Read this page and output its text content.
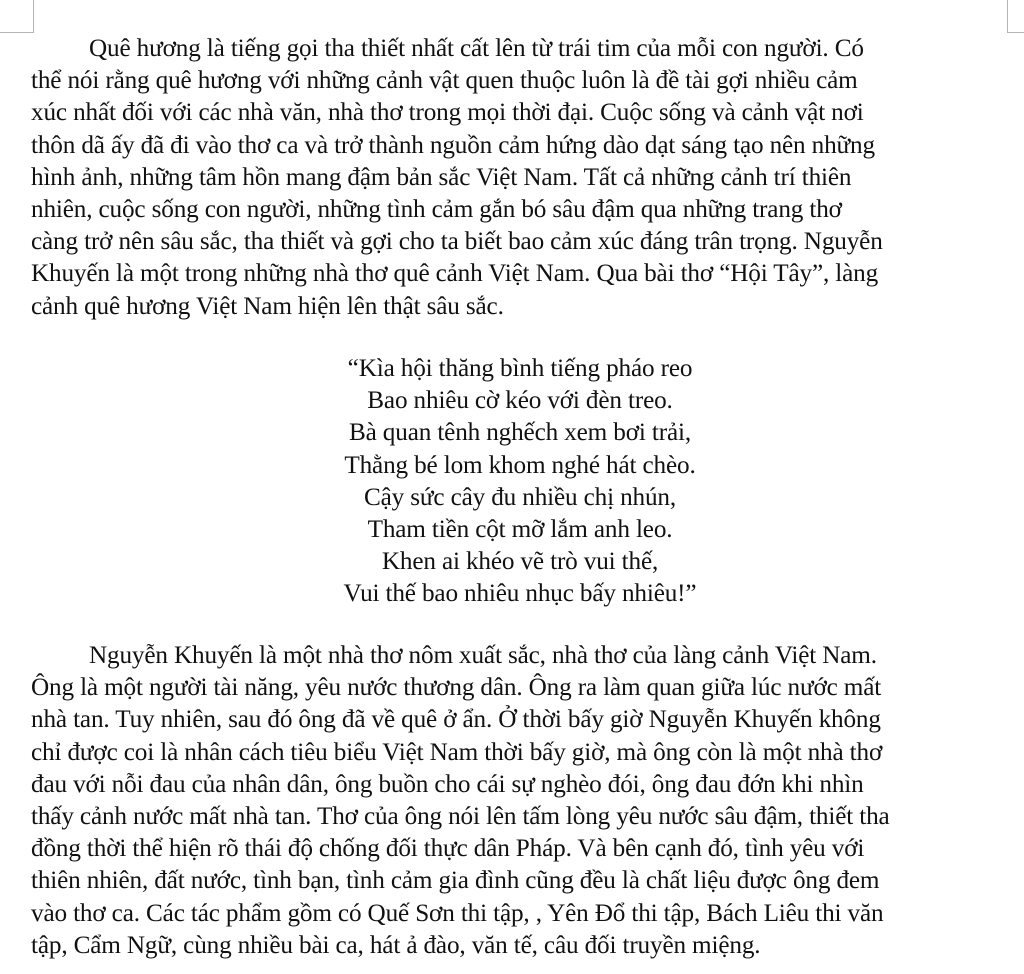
Quê hương là tiếng gọi tha thiết nhất cất lên từ trái tim của mỗi con người. Có
thể nói rằng quê hương với những cảnh vật quen thuộc luôn là đề tài gợi nhiều cảm
xúc nhất đối với các nhà văn, nhà thơ trong mọi thời đại. Cuộc sống và cảnh vật nơi
thôn dã ấy đã đi vào thơ ca và trở thành nguồn cảm hứng dào dạt sáng tạo nên những
hình ảnh, những tâm hồn mang đậm bản sắc Việt Nam. Tất cả những cảnh trí thiên
nhiên, cuộc sống con người, những tình cảm gắn bó sâu đậm qua những trang thơ
càng trở nên sâu sắc, tha thiết và gợi cho ta biết bao cảm xúc đáng trân trọng. Nguyễn
Khuyến là một trong những nhà thơ quê cảnh Việt Nam. Qua bài thơ “Hội Tây”, làng
cảnh quê hương Việt Nam hiện lên thật sâu sắc.
“Kìa hội thăng bình tiếng pháo reo
Bao nhiêu cờ kéo với đèn treo.
Bà quan tênh nghếch xem bơi trải,
Thằng bé lom khom nghé hát chèo.
Cậy sức cây đu nhiều chị nhún,
Tham tiền cột mỡ lắm anh leo.
Khen ai khéo vẽ trò vui thế,
Vui thế bao nhiêu nhục bấy nhiêu!”
Nguyễn Khuyến là một nhà thơ nôm xuất sắc, nhà thơ của làng cảnh Việt Nam.
Ông là một người tài năng, yêu nước thương dân. Ông ra làm quan giữa lúc nước mất
nhà tan. Tuy nhiên, sau đó ông đã về quê ở ẩn. Ở thời bấy giờ Nguyễn Khuyến không
chỉ được coi là nhân cách tiêu biểu Việt Nam thời bấy giờ, mà ông còn là một nhà thơ
đau với nỗi đau của nhân dân, ông buồn cho cái sự nghèo đói, ông đau đớn khi nhìn
thấy cảnh nước mất nhà tan. Thơ của ông nói lên tấm lòng yêu nước sâu đậm, thiết tha
đồng thời thể hiện rõ thái độ chống đối thực dân Pháp. Và bên cạnh đó, tình yêu với
thiên nhiên, đất nước, tình bạn, tình cảm gia đình cũng đều là chất liệu được ông đem
vào thơ ca. Các tác phẩm gồm có Quế Sơn thi tập, , Yên Đổ thi tập, Bách Liêu thi văn
tập, Cẩm Ngữ, cùng nhiều bài ca, hát ả đào, văn tế, câu đối truyền miệng.
